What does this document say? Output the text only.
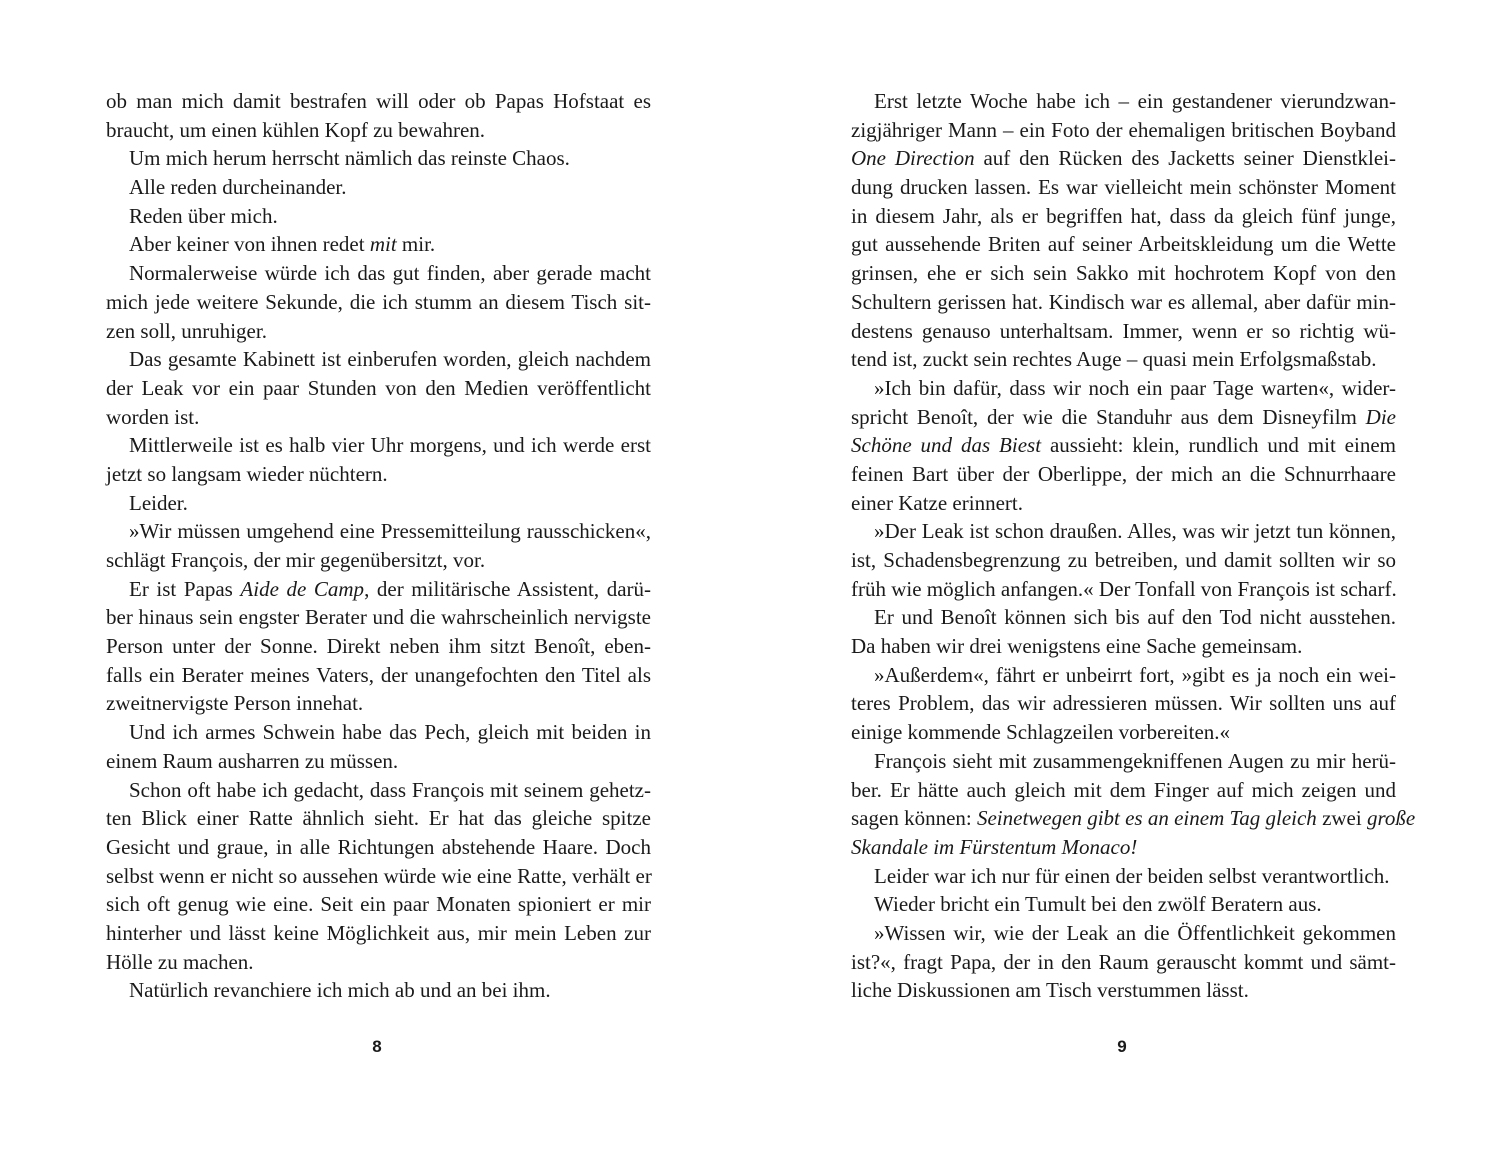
ob man mich damit bestrafen will oder ob Papas Hofstaat es
braucht, um einen kühlen Kopf zu bewahren.
Um mich herum herrscht nämlich das reinste Chaos.
Alle reden durcheinander.
Reden über mich.
Aber keiner von ihnen redet mit mir.
Normalerweise würde ich das gut finden, aber gerade macht
mich jede weitere Sekunde, die ich stumm an diesem Tisch sit-
zen soll, unruhiger.
Das gesamte Kabinett ist einberufen worden, gleich nachdem
der Leak vor ein paar Stunden von den Medien veröffentlicht
worden ist.
Mittlerweile ist es halb vier Uhr morgens, und ich werde erst
jetzt so langsam wieder nüchtern.
Leider.
»Wir müssen umgehend eine Pressemitteilung rausschicken«,
schlägt François, der mir gegenübersitzt, vor.
Er ist Papas Aide de Camp, der militärische Assistent, darü-
ber hinaus sein engster Berater und die wahrscheinlich nervigste
Person unter der Sonne. Direkt neben ihm sitzt Benoît, eben-
falls ein Berater meines Vaters, der unangefochten den Titel als
zweitnervigste Person innehat.
Und ich armes Schwein habe das Pech, gleich mit beiden in
einem Raum ausharren zu müssen.
Schon oft habe ich gedacht, dass François mit seinem gehetz-
ten Blick einer Ratte ähnlich sieht. Er hat das gleiche spitze
Gesicht und graue, in alle Richtungen abstehende Haare. Doch
selbst wenn er nicht so aussehen würde wie eine Ratte, verhält er
sich oft genug wie eine. Seit ein paar Monaten spioniert er mir
hinterher und lässt keine Möglichkeit aus, mir mein Leben zur
Hölle zu machen.
Natürlich revanchiere ich mich ab und an bei ihm.
8
Erst letzte Woche habe ich – ein gestandener vierundzwan-
zigjähriger Mann – ein Foto der ehemaligen britischen Boyband
One Direction auf den Rücken des Jacketts seiner Dienstklei-
dung drucken lassen. Es war vielleicht mein schönster Moment
in diesem Jahr, als er begriffen hat, dass da gleich fünf junge,
gut aussehende Briten auf seiner Arbeitskleidung um die Wette
grinsen, ehe er sich sein Sakko mit hochrotem Kopf von den
Schultern gerissen hat. Kindisch war es allemal, aber dafür min-
destens genauso unterhaltsam. Immer, wenn er so richtig wü-
tend ist, zuckt sein rechtes Auge – quasi mein Erfolgsmaßstab.
»Ich bin dafür, dass wir noch ein paar Tage warten«, wider-
spricht Benoît, der wie die Standuhr aus dem Disneyfilm Die
Schöne und das Biest aussieht: klein, rundlich und mit einem
feinen Bart über der Oberlippe, der mich an die Schnurrhaare
einer Katze erinnert.
»Der Leak ist schon draußen. Alles, was wir jetzt tun können,
ist, Schadensbegrenzung zu betreiben, und damit sollten wir so
früh wie möglich anfangen.« Der Tonfall von François ist scharf.
Er und Benoît können sich bis auf den Tod nicht ausstehen.
Da haben wir drei wenigstens eine Sache gemeinsam.
»Außerdem«, fährt er unbeirrt fort, »gibt es ja noch ein wei-
teres Problem, das wir adressieren müssen. Wir sollten uns auf
einige kommende Schlagzeilen vorbereiten.«
François sieht mit zusammengekniffenen Augen zu mir herü-
ber. Er hätte auch gleich mit dem Finger auf mich zeigen und
sagen können: Seinetwegen gibt es an einem Tag gleich zwei große
Skandale im Fürstentum Monaco!
Leider war ich nur für einen der beiden selbst verantwortlich.
Wieder bricht ein Tumult bei den zwölf Beratern aus.
»Wissen wir, wie der Leak an die Öffentlichkeit gekommen
ist?«, fragt Papa, der in den Raum gerauscht kommt und sämt-
liche Diskussionen am Tisch verstummen lässt.
9
